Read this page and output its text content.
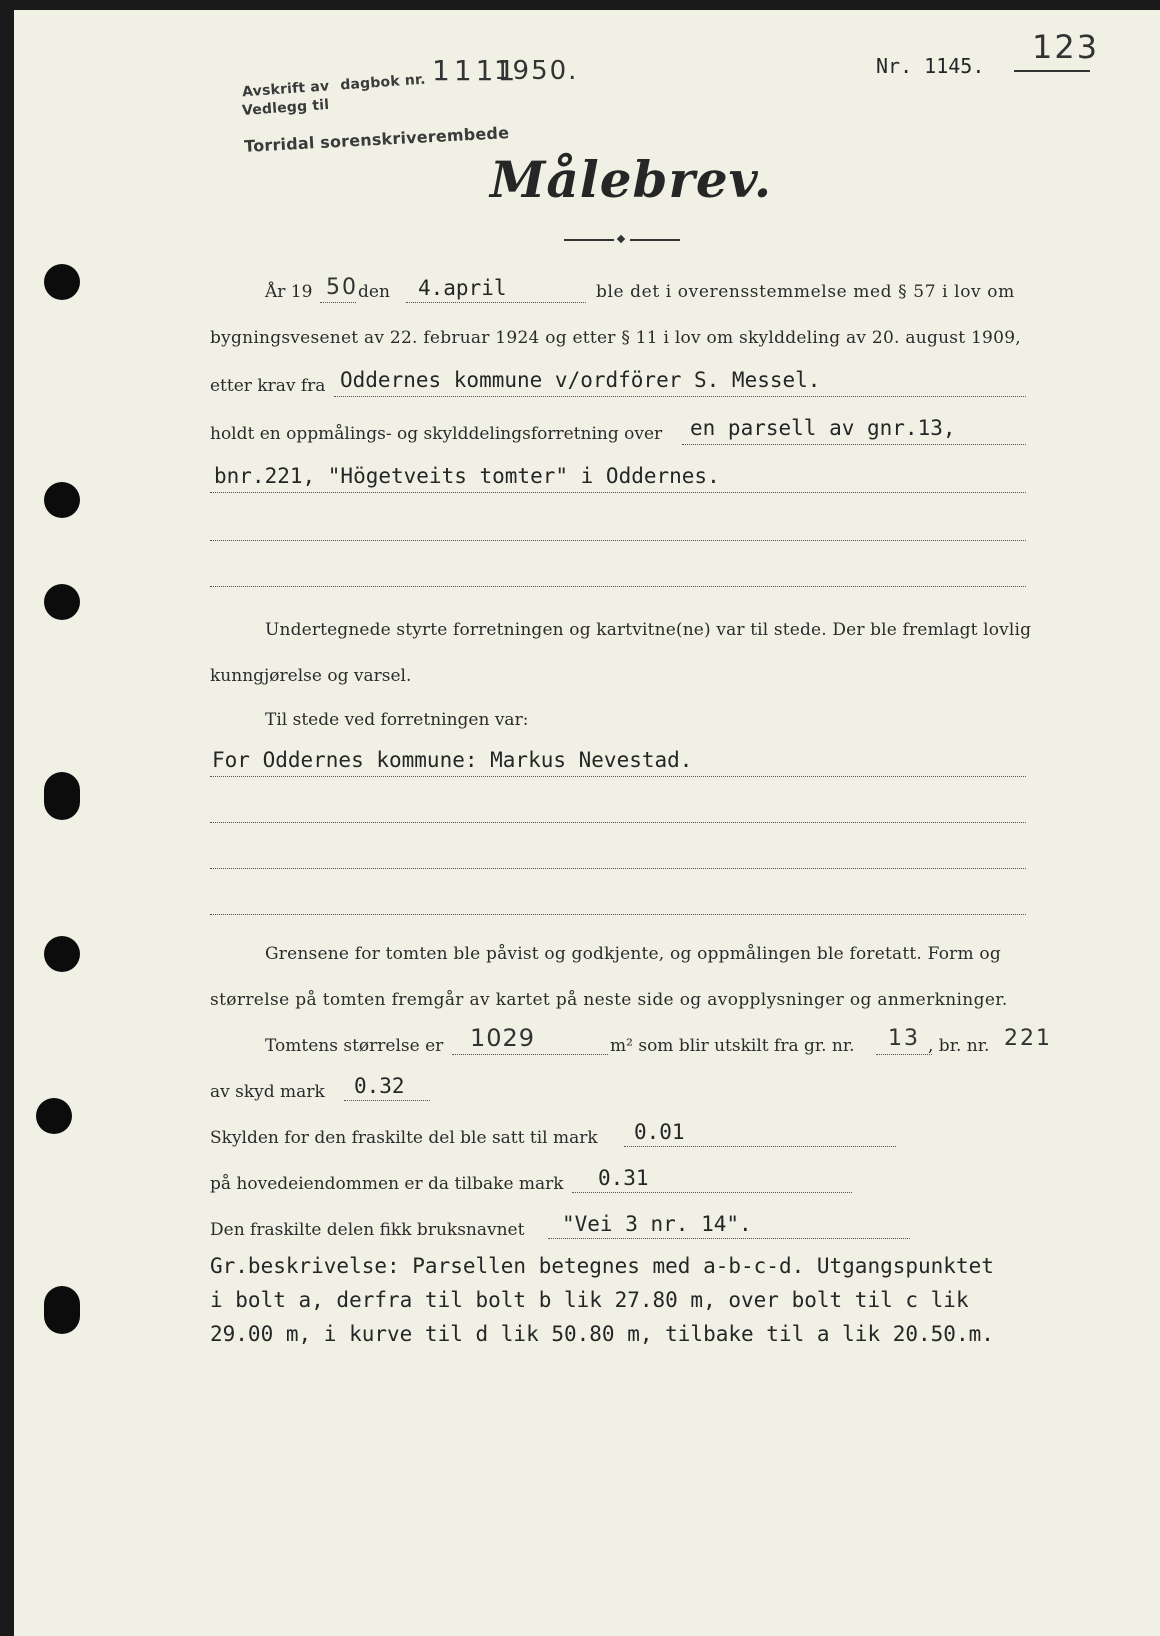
Avskrift av dagbok nr. 1111
1950.
Vedlegg til
Torridal sorenskriverembede
Nr. 1145. 123
Målebrev.
År 19 50 den 4.april	ble det i overensstemmelse med § 57 i lov om
bygningsvesenet av 22. februar 1924 og etter § 11 i lov om skylddeling av 20. august 1909,
etter krav fra Oddernes kommune v/ordförer S. Messel.
holdt en oppmålings- og skylddelingsforretning over en parsell av gnr.13,
bnr.221, "Högetveits tomter" i Oddernes.
Undertegnede styrte forretningen og kartvitne(ne) var til stede. Der ble fremlagt lovlig
kunngjørelse og varsel.
Til stede ved forretningen var:
For Oddernes kommune: Markus Nevestad.
Grensene for tomten ble påvist og godkjente, og oppmålingen ble foretatt. Form og
størrelse på tomten fremgår av kartet på neste side og avopplysninger og anmerkninger.
Tomtens størrelse er 1029	m² som blir utskilt fra gr. nr. 13 , br. nr. 221
av skyd mark 0.32
Skylden for den fraskilte del ble satt til mark 0.01
på hovedeiendommen er da tilbake mark 0.31
Den fraskilte delen fikk bruksnavnet "Vei 3 nr. 14".
Gr.beskrivelse: Parsellen betegnes med a-b-c-d. Utgangspunktet
i bolt a, derfra til bolt b lik 27.80 m, over bolt til c lik
29.00 m, i kurve til d lik 50.80 m, tilbake til a lik 20.50.m.
